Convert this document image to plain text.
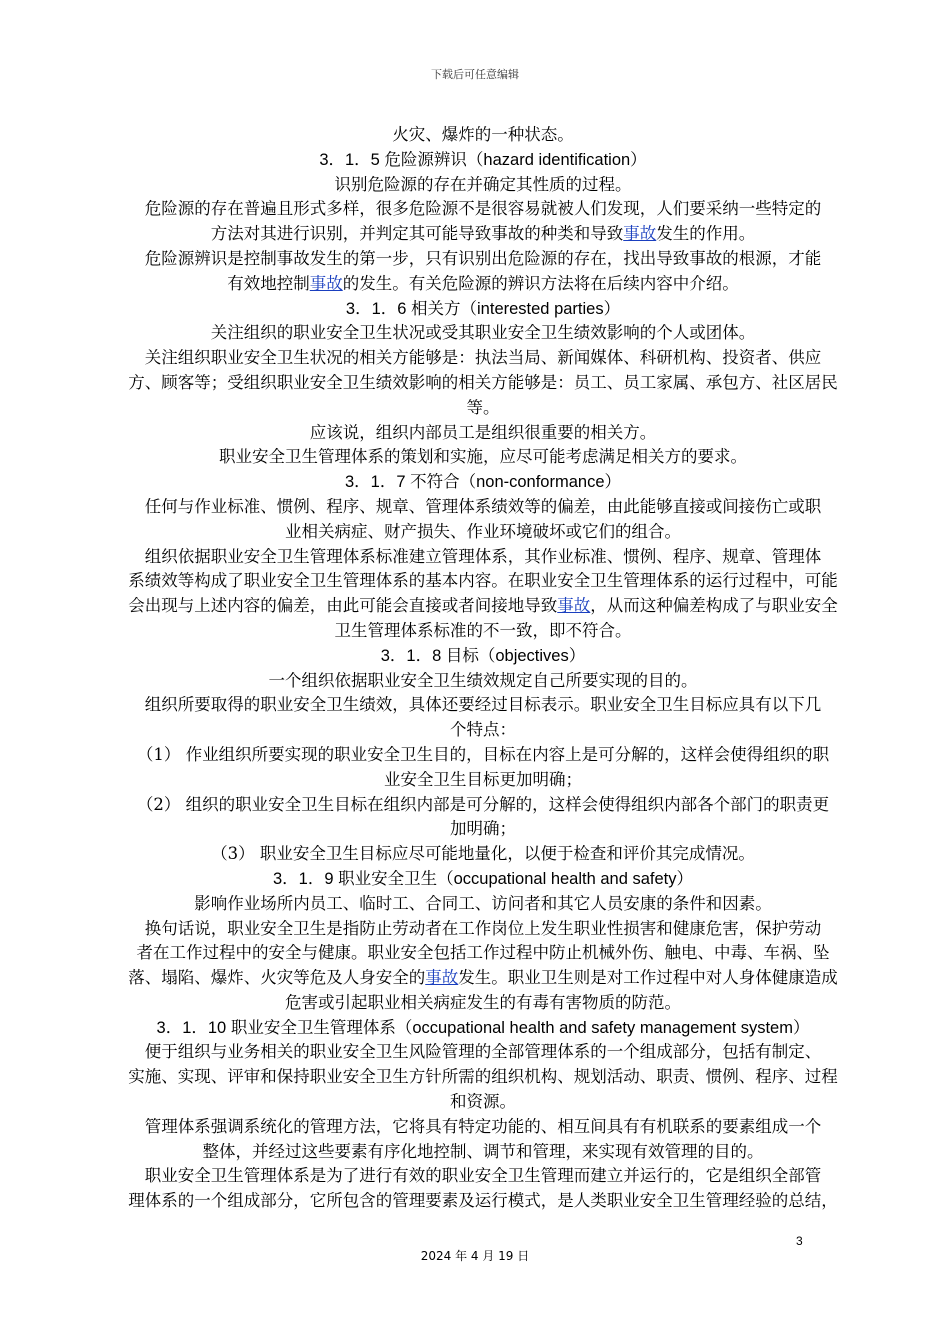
下载后可任意编辑

火灾、爆炸的一种状态。

3．1．5 危险源辨识（hazard identification）

识别危险源的存在并确定其性质的过程。

危险源的存在普遍且形式多样，很多危险源不是很容易就被人们发现，人们要采纳一些特定的

方法对其进行识别，并判定其可能导致事故的种类和导致事故发生的作用。

危险源辨识是控制事故发生的第一步，只有识别出危险源的存在，找出导致事故的根源，才能

有效地控制事故的发生。有关危险源的辨识方法将在后续内容中介绍。

3．1．6 相关方（interested parties）

关注组织的职业安全卫生状况或受其职业安全卫生绩效影响的个人或团体。

关注组织职业安全卫生状况的相关方能够是：执法当局、新闻媒体、科研机构、投资者、供应

方、顾客等；受组织职业安全卫生绩效影响的相关方能够是：员工、员工家属、承包方、社区居民

等。

应该说，组织内部员工是组织很重要的相关方。

职业安全卫生管理体系的策划和实施，应尽可能考虑满足相关方的要求。

3．1．7 不符合（non-conformance）

任何与作业标准、惯例、程序、规章、管理体系绩效等的偏差，由此能够直接或间接伤亡或职

业相关病症、财产损失、作业环境破坏或它们的组合。

组织依据职业安全卫生管理体系标准建立管理体系，其作业标准、惯例、程序、规章、管理体

系绩效等构成了职业安全卫生管理体系的基本内容。在职业安全卫生管理体系的运行过程中，可能

会出现与上述内容的偏差，由此可能会直接或者间接地导致事故，从而这种偏差构成了与职业安全

卫生管理体系标准的不一致，即不符合。

3．1．8 目标（objectives）

一个组织依据职业安全卫生绩效规定自己所要实现的目的。

组织所要取得的职业安全卫生绩效，具体还要经过目标表示。职业安全卫生目标应具有以下几

个特点：

（1） 作业组织所要实现的职业安全卫生目的，目标在内容上是可分解的，这样会使得组织的职

业安全卫生目标更加明确；

（2） 组织的职业安全卫生目标在组织内部是可分解的，这样会使得组织内部各个部门的职责更

加明确；

（3） 职业安全卫生目标应尽可能地量化，以便于检查和评价其完成情况。

3．1．9 职业安全卫生（occupational health and safety）

影响作业场所内员工、临时工、合同工、访问者和其它人员安康的条件和因素。

换句话说，职业安全卫生是指防止劳动者在工作岗位上发生职业性损害和健康危害，保护劳动

者在工作过程中的安全与健康。职业安全包括工作过程中防止机械外伤、触电、中毒、车祸、坠

落、塌陷、爆炸、火灾等危及人身安全的事故发生。职业卫生则是对工作过程中对人身体健康造成

危害或引起职业相关病症发生的有毒有害物质的防范。

3．1．10 职业安全卫生管理体系（occupational health and safety management system）

便于组织与业务相关的职业安全卫生风险管理的全部管理体系的一个组成部分，包括有制定、

实施、实现、评审和保持职业安全卫生方针所需的组织机构、规划活动、职责、惯例、程序、过程

和资源。

管理体系强调系统化的管理方法，它将具有特定功能的、相互间具有有机联系的要素组成一个

整体，并经过这些要素有序化地控制、调节和管理，来实现有效管理的目的。

职业安全卫生管理体系是为了进行有效的职业安全卫生管理而建立并运行的，它是组织全部管

理体系的一个组成部分，它所包含的管理要素及运行模式，是人类职业安全卫生管理经验的总结，

3
2024 年 4 月 19 日
